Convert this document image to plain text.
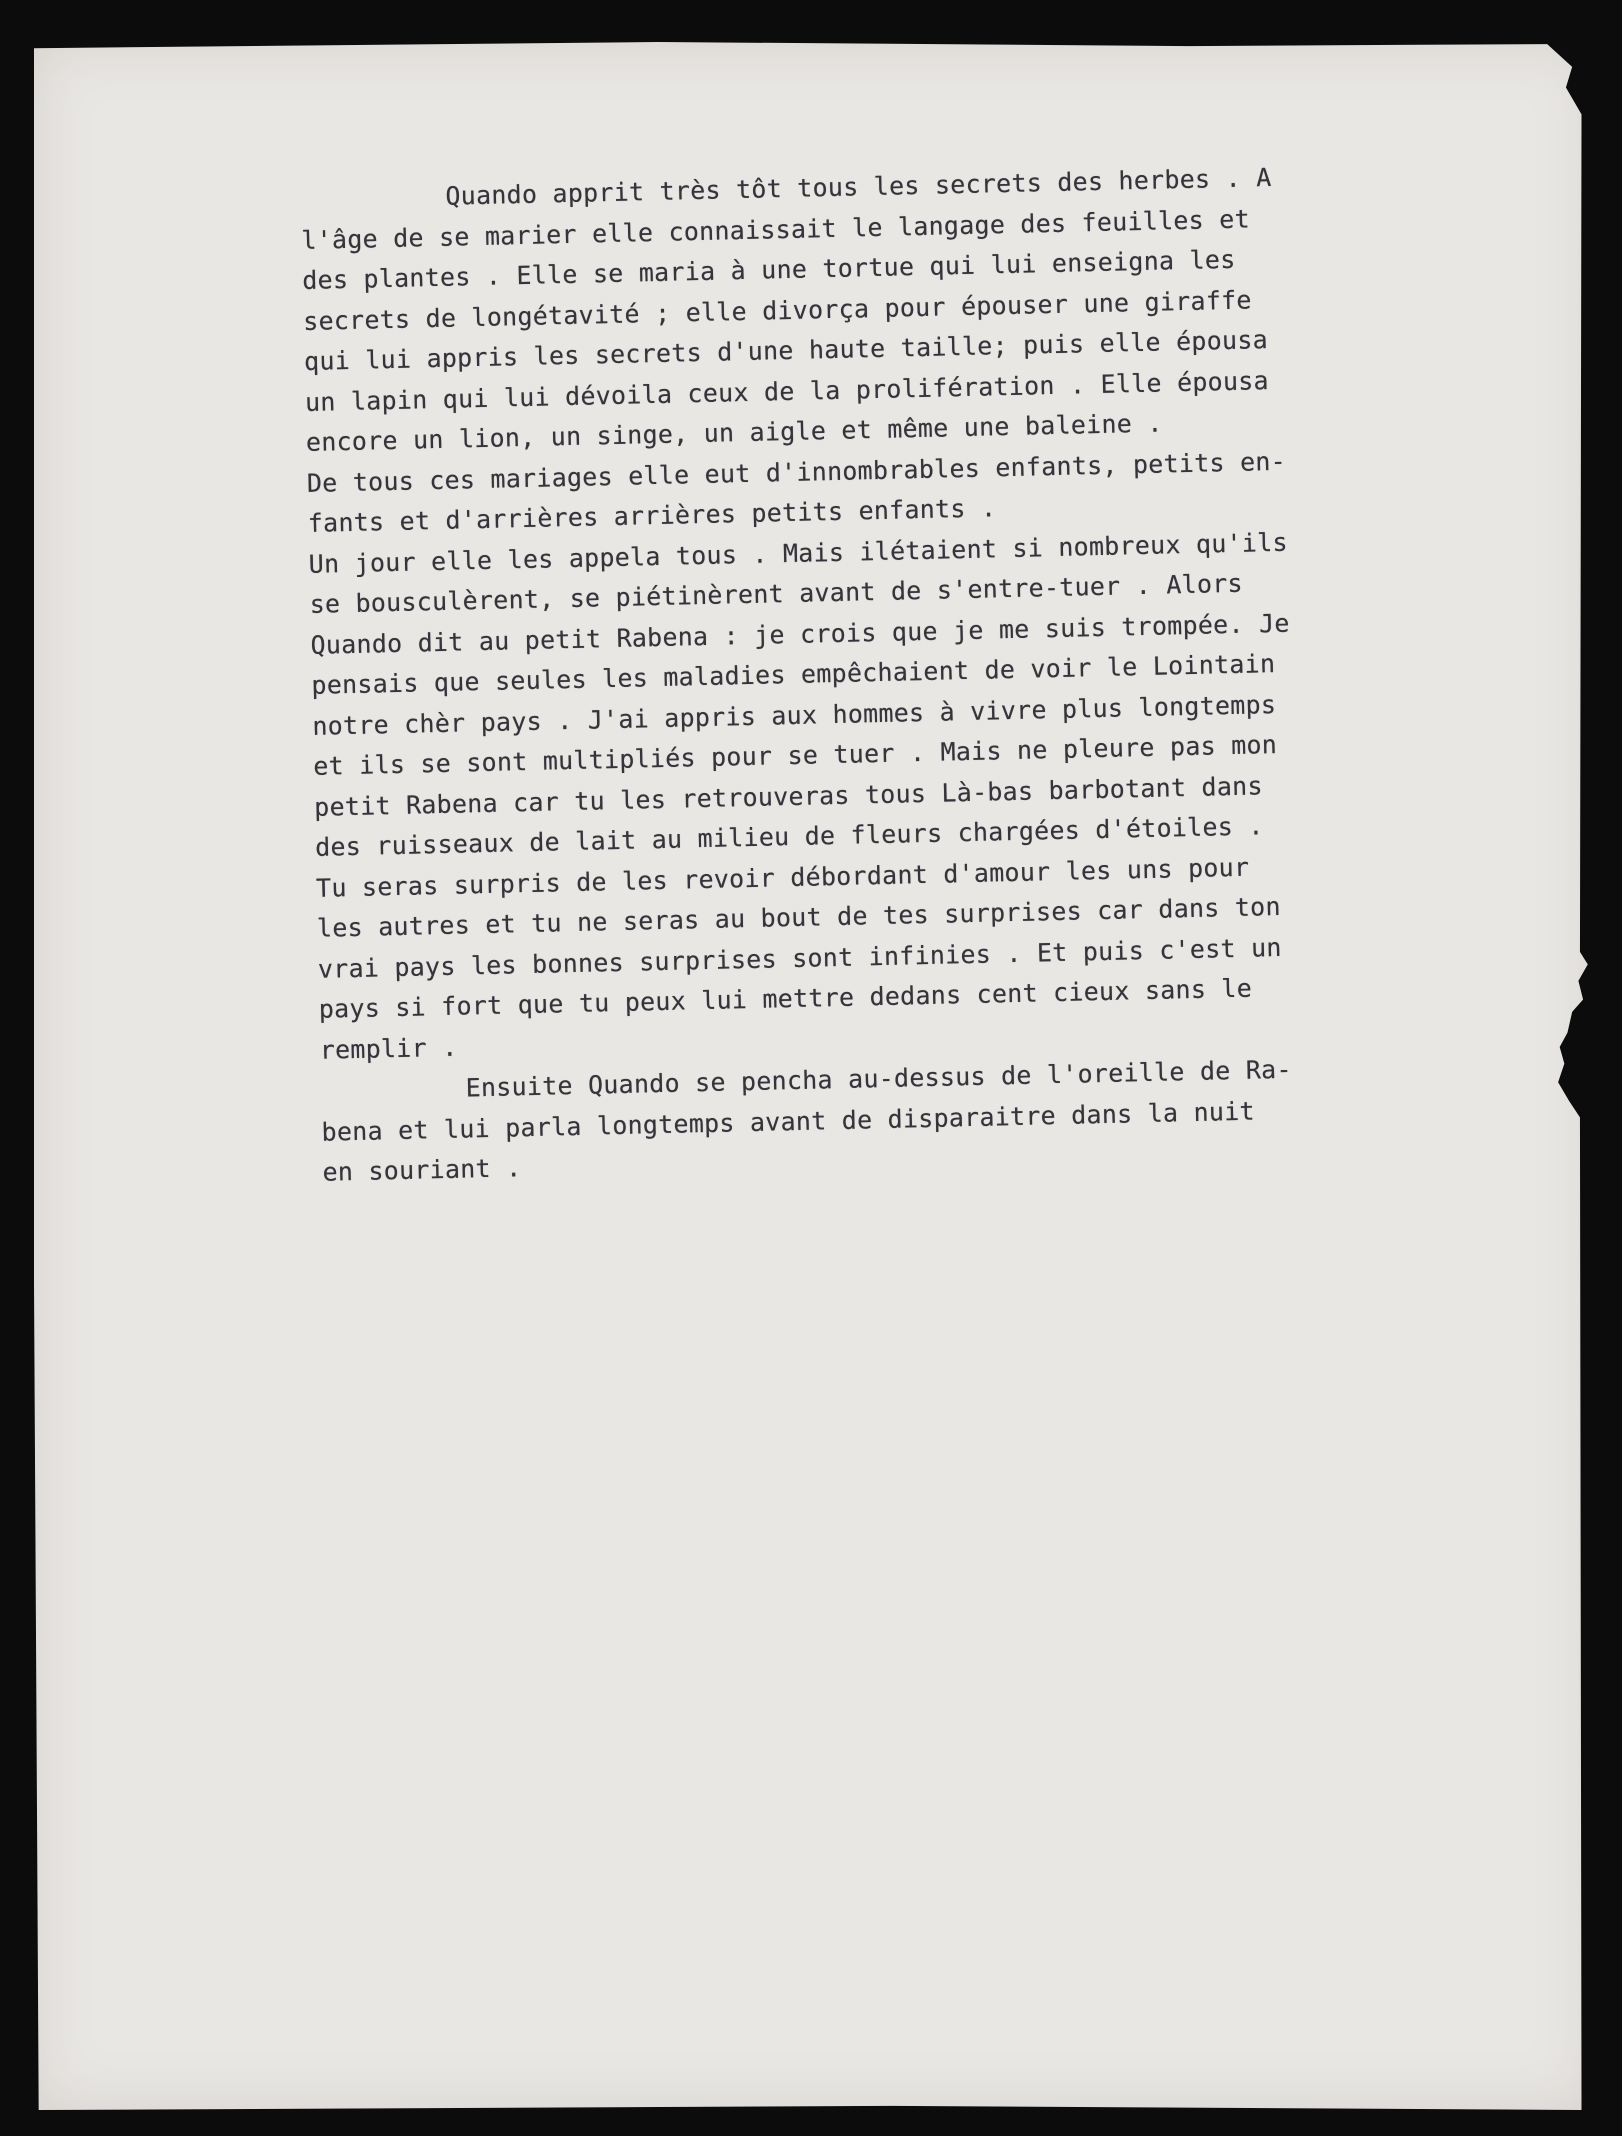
Quando apprit très tôt tous les secrets des herbes . A
l'âge de se marier elle connaissait le langage des feuilles et
des plantes . Elle se maria à une tortue qui lui enseigna les
secrets de longétavité ; elle divorça pour épouser une giraffe
qui lui appris les secrets d'une haute taille; puis elle épousa
un lapin qui lui dévoila ceux de la prolifération . Elle épousa
encore un lion, un singe, un aigle et même une baleine .
De tous ces mariages elle eut d'innombrables enfants, petits en-
fants et d'arrières arrières petits enfants .
Un jour elle les appela tous . Mais ilétaient si nombreux qu'ils
se bousculèrent, se piétinèrent avant de s'entre-tuer . Alors
Quando dit au petit Rabena : je crois que je me suis trompée. Je
pensais que seules les maladies empêchaient de voir le Lointain
notre chèr pays . J'ai appris aux hommes à vivre plus longtemps
et ils se sont multipliés pour se tuer . Mais ne pleure pas mon
petit Rabena car tu les retrouveras tous Là-bas barbotant dans
des ruisseaux de lait au milieu de fleurs chargées d'étoiles .
Tu seras surpris de les revoir débordant d'amour les uns pour
les autres et tu ne seras au bout de tes surprises car dans ton
vrai pays les bonnes surprises sont infinies . Et puis c'est un
pays si fort que tu peux lui mettre dedans cent cieux sans le
remplir .
Ensuite Quando se pencha au-dessus de l'oreille de Ra-
bena et lui parla longtemps avant de disparaitre dans la nuit
en souriant .
